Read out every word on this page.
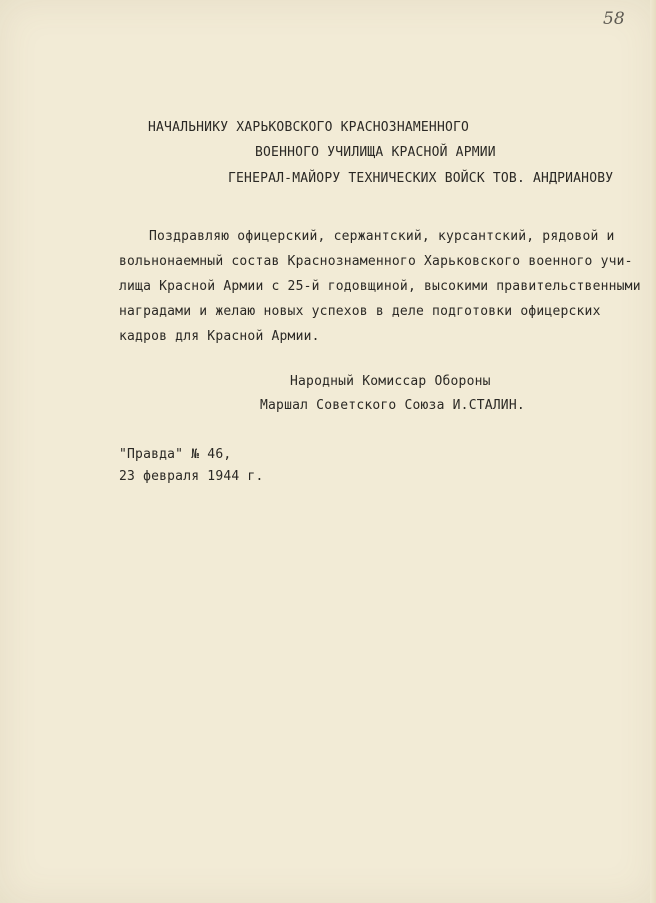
58
НАЧАЛЬНИКУ ХАРЬКОВСКОГО КРАСНОЗНАМЕННОГО
ВОЕННОГО УЧИЛИЩА КРАСНОЙ АРМИИ
ГЕНЕРАЛ-МАЙОРУ ТЕХНИЧЕСКИХ ВОЙСК ТОВ. АНДРИАНОВУ
Поздравляю офицерский, сержантский, курсантский, рядовой и
вольнонаемный состав Краснознаменного Харьковского военного учи-
лища Красной Армии с 25-й годовщиной, высокими правительственными
наградами и желаю новых успехов в деле подготовки офицерских
кадров для Красной Армии.
Народный Комиссар Обороны
Маршал Советского Союза И.СТАЛИН.
"Правда" № 46,
23 февраля 1944 г.
